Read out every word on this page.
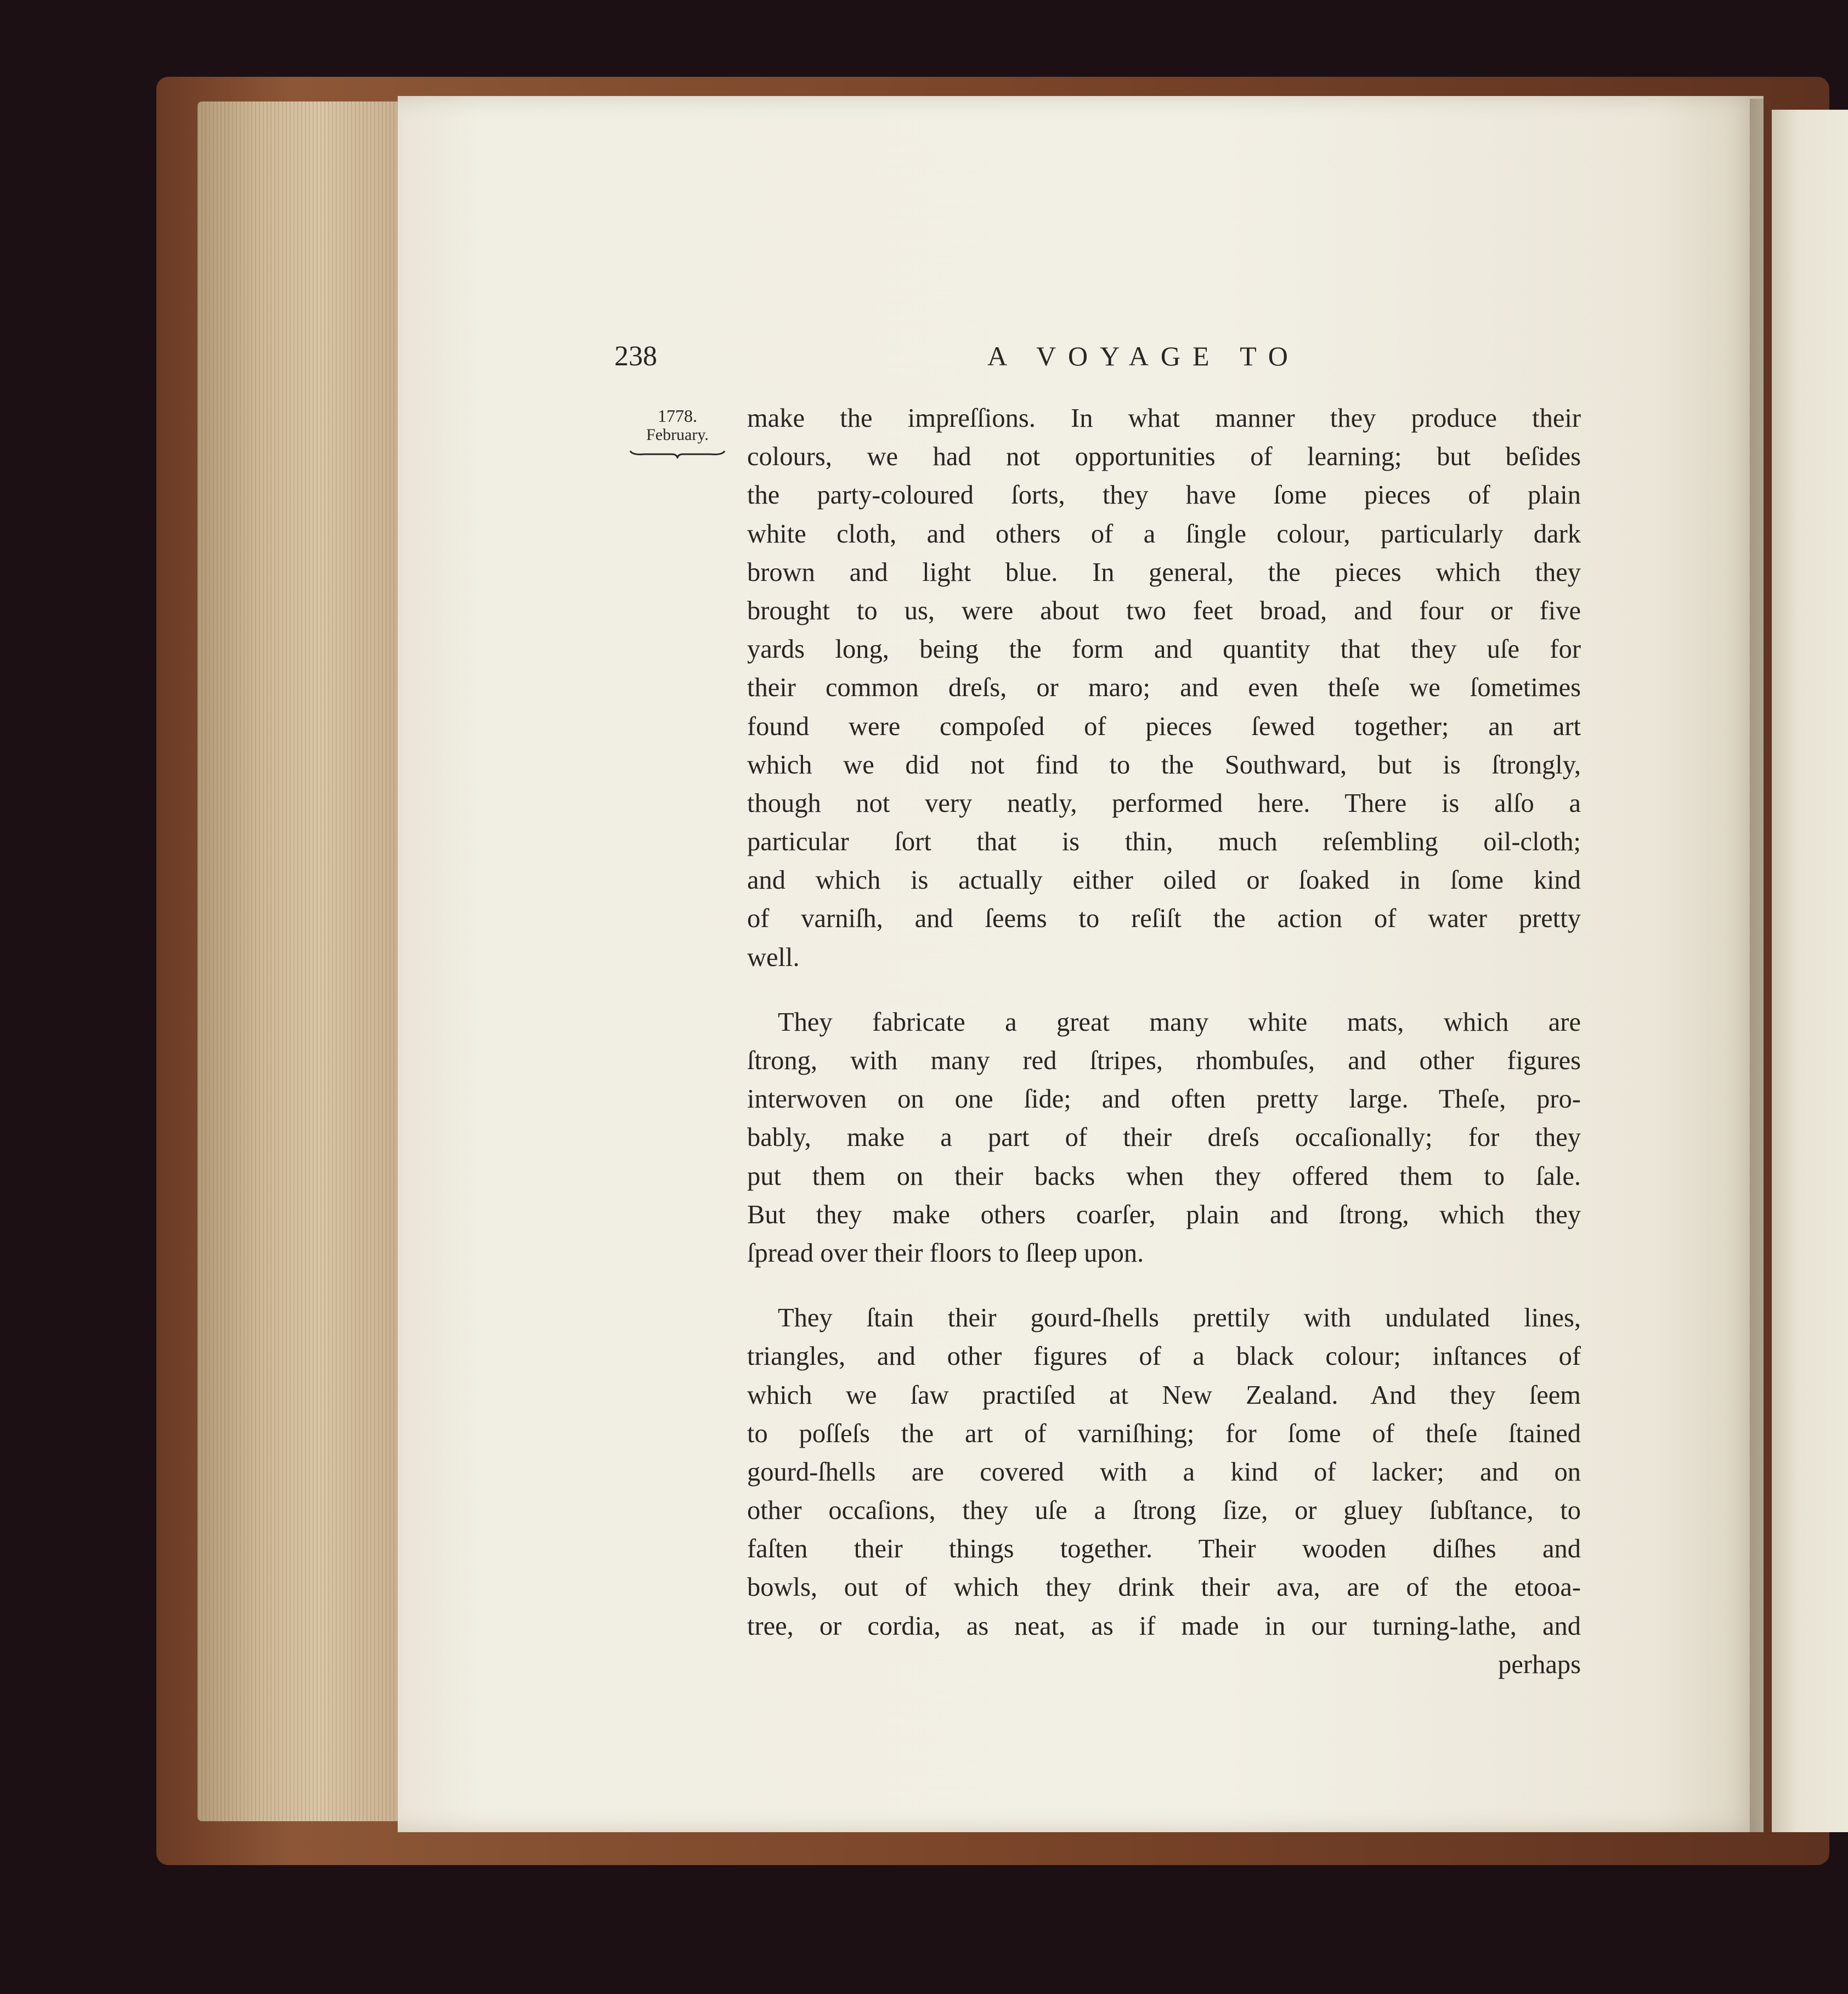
238	A VOYAGE TO
1778.
February.
make the impreſſions. In what manner they produce their
colours, we had not opportunities of learning; but beſides
the party-coloured ſorts, they have ſome pieces of plain
white cloth, and others of a ſingle colour, particularly dark
brown and light blue. In general, the pieces which they
brought to us, were about two feet broad, and four or five
yards long, being the form and quantity that they uſe for
their common dreſs, or maro; and even theſe we ſometimes
found were compoſed of pieces ſewed together; an art
which we did not find to the Southward, but is ſtrongly,
though not very neatly, performed here. There is alſo a
particular ſort that is thin, much reſembling oil-cloth;
and which is actually either oiled or ſoaked in ſome kind
of varniſh, and ſeems to reſiſt the action of water pretty
well.
They fabricate a great many white mats, which are
ſtrong, with many red ſtripes, rhombuſes, and other figures
interwoven on one ſide; and often pretty large. Theſe, pro-
bably, make a part of their dreſs occaſionally; for they
put them on their backs when they offered them to ſale.
But they make others coarſer, plain and ſtrong, which they
ſpread over their floors to ſleep upon.
They ſtain their gourd-ſhells prettily with undulated lines,
triangles, and other figures of a black colour; inſtances of
which we ſaw practiſed at New Zealand. And they ſeem
to poſſeſs the art of varniſhing; for ſome of theſe ſtained
gourd-ſhells are covered with a kind of lacker; and on
other occaſions, they uſe a ſtrong ſize, or gluey ſubſtance, to
faſten their things together. Their wooden diſhes and
bowls, out of which they drink their ava, are of the etooa-
tree, or cordia, as neat, as if made in our turning-lathe, and
perhaps
